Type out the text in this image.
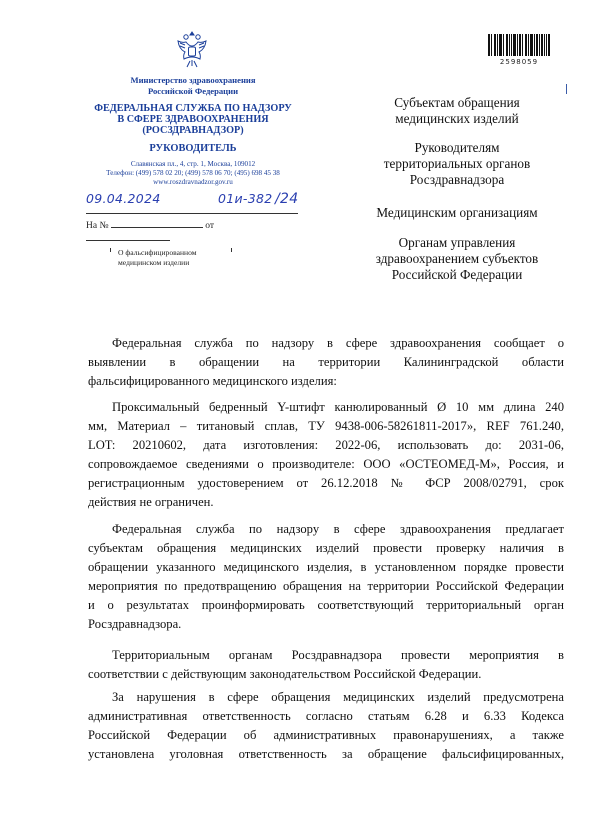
Министерство здравоохранения
Российской Федерации
ФЕДЕРАЛЬНАЯ СЛУЖБА ПО НАДЗОРУ
В СФЕРЕ ЗДРАВООХРАНЕНИЯ
(РОСЗДРАВНАДЗОР)
РУКОВОДИТЕЛЬ
Славянская пл., 4, стр. 1, Москва, 109012
Телефон: (499) 578 02 20; (499) 578 06 70; (495) 698 45 38
www.roszdravnadzor.gov.ru
09.04.2024	01и-382 /24
На №	от
О фальсифицированном
медицинском изделии
2598059
Субъектам обращения
медицинских изделий
Руководителям
территориальных органов
Росздравнадзора
Медицинским организациям
Органам управления
здравоохранением субъектов
Российской Федерации
Федеральная служба по надзору в сфере здравоохранения сообщает о
выявлении в обращении на территории Калининградской области
фальсифицированного медицинского изделия:
Проксимальный бедренный Y-штифт канюлированный Ø 10 мм длина 240
мм, Материал – титановый сплав, ТУ 9438-006-58261811-2017», REF 761.240,
LOT: 20210602, дата изготовления: 2022-06, использовать до: 2031-06,
сопровождаемое сведениями о производителе: ООО «ОСТЕОМЕД-М», Россия, и
регистрационным удостоверением от 26.12.2018 № ФСР 2008/02791, срок
действия не ограничен.
Федеральная служба по надзору в сфере здравоохранения предлагает
субъектам обращения медицинских изделий провести проверку наличия в
обращении указанного медицинского изделия, в установленном порядке провести
мероприятия по предотвращению обращения на территории Российской Федерации
и о результатах проинформировать соответствующий территориальный орган
Росздравнадзора.
Территориальным органам Росздравнадзора провести мероприятия в
соответствии с действующим законодательством Российской Федерации.
За нарушения в сфере обращения медицинских изделий предусмотрена
административная ответственность согласно статьям 6.28 и 6.33 Кодекса
Российской Федерации об административных правонарушениях, а также
установлена уголовная ответственность за обращение фальсифицированных,
